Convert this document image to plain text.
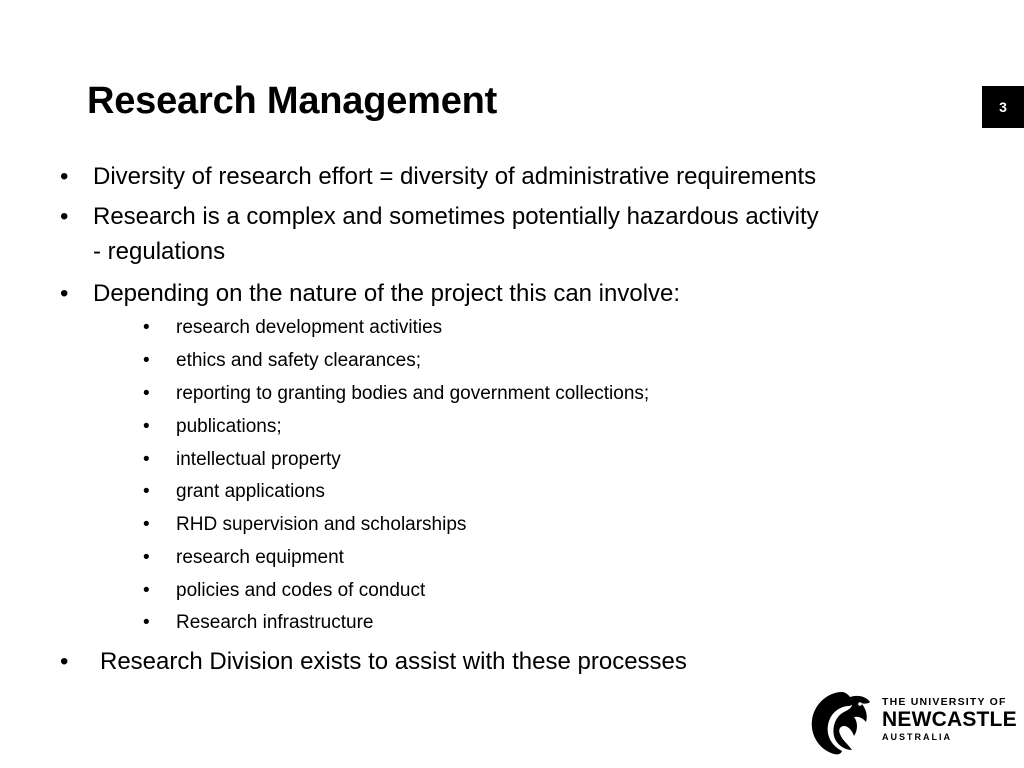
Research Management	3
•	Diversity of research effort = diversity of administrative requirements
•	Research is a complex and sometimes potentially hazardous activity
- regulations
•	Depending on the nature of the project this can involve:
• research development activities
• ethics and safety clearances;
• reporting to granting bodies and government collections;
• publications;
• intellectual property
• grant applications
• RHD supervision and scholarships
• research equipment
• policies and codes of conduct
• Research infrastructure
•	Research Division exists to assist with these processes
THE UNIVERSITY OF
NEWCASTLE
AUSTRALIA
